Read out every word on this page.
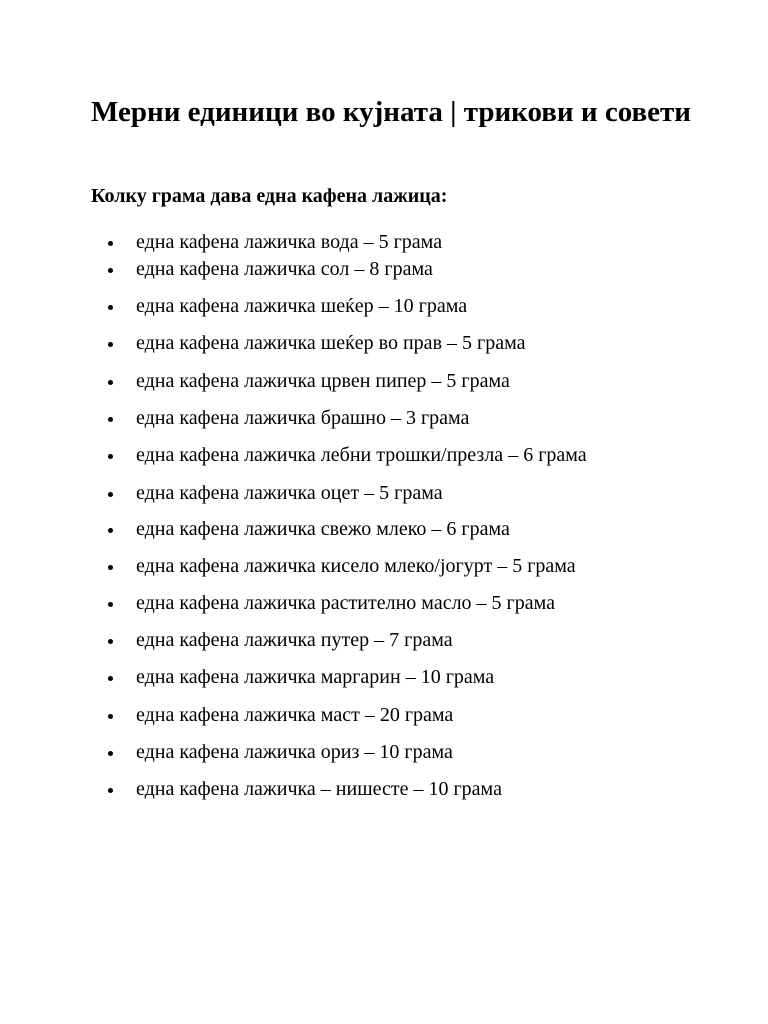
Мерни единици во кујната | трикови и совети
Колку грама дава една кафена лажица:
една кафена лажичка вода – 5 грама
една кафена лажичка сол – 8 грама
една кафена лажичка шеќер – 10 грама
една кафена лажичка шеќер во прав – 5 грама
една кафена лажичка црвен пипер – 5 грама
една кафена лажичка брашно – 3 грама
една кафена лажичка лебни трошки/презла – 6 грама
една кафена лажичка оцет – 5 грама
една кафена лажичка свежо млеко – 6 грама
една кафена лажичка кисело млеко/јогурт – 5 грама
една кафена лажичка растително масло – 5 грама
една кафена лажичка путер – 7 грама
една кафена лажичка маргарин – 10 грама
една кафена лажичка маст – 20 грама
една кафена лажичка ориз – 10 грама
една кафена лажичка – нишесте – 10 грама
